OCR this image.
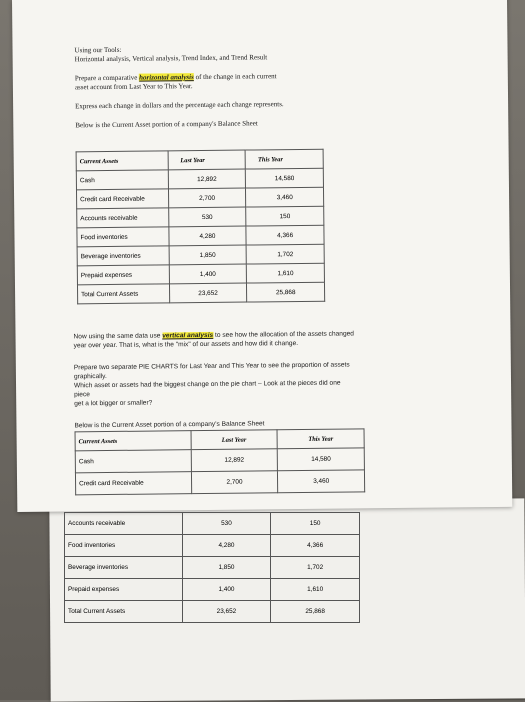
Using our Tools:
Horizontal analysis, Vertical analysis, Trend Index, and Trend Result
Prepare a comparative horizontal analysis of the change in each current
asset account from Last Year to This Year.
Express each change in dollars and the percentage each change represents.
Below is the Current Asset portion of a company's Balance Sheet
Current Assets	Last Year	This Year
Cash	12,892	14,580
Credit card Receivable	2,700	3,460
Accounts receivable	530	150
Food inventories	4,280	4,366
Beverage inventories	1,850	1,702
Prepaid expenses	1,400	1,610
Total Current Assets	23,652	25,868
Now using the same data use vertical analysis to see how the allocation of the assets changed
year over year. That is, what is the "mix" of our assets and how did it change.
Prepare two separate PIE CHARTS for Last Year and This Year to see the proportion of assets
graphically.
Which asset or assets had the biggest change on the pie chart – Look at the pieces did one
piece
get a lot bigger or smaller?
Below is the Current Asset portion of a company's Balance Sheet
Current Assets	Last Year	This Year
Cash	12,892	14,580
Credit card Receivable	2,700	3,460
Accounts receivable	530	150
Food inventories	4,280	4,366
Beverage inventories	1,850	1,702
Prepaid expenses	1,400	1,610
Total Current Assets	23,652	25,868
